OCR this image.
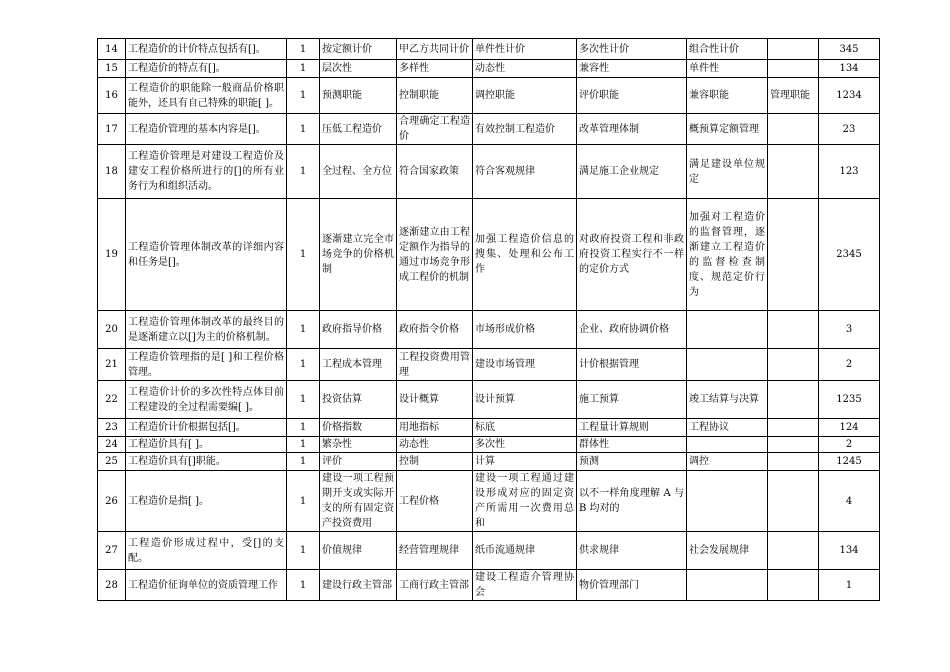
14	工程造价的计价特点包括有[]。	1	按定额计价	甲乙方共同计价	单件性计价	多次性计价	组合性计价		345
15	工程造价的特点有[]。	1	层次性	多样性	动态性	兼容性	单件性		134
16	工程造价的职能除一般商品价格职能外，还具有自己特殊的职能[ ]。	1	预测职能	控制职能	调控职能	评价职能	兼容职能	管理职能	1234
17	工程造价管理的基本内容是[]。	1	压低工程造价	合理确定工程造价	有效控制工程造价	改革管理体制	概预算定额管理		23
18	工程造价管理是对建设工程造价及建安工程价格所进行的[]的所有业务行为和组织活动。	1	全过程、全方位	符合国家政策	符合客观规律	满足施工企业规定	满足建设单位规定		123
19	工程造价管理体制改革的详细内容和任务是[]。	1	逐渐建立完全市场竞争的价格机制	逐渐建立由工程定额作为指导的通过市场竞争形成工程价的机制	加强工程造价信息的搜集、处理和公布工作	对政府投资工程和非政府投资工程实行不一样的定价方式	加强对工程造价的监督管理，逐渐建立工程造价的监督检查制度、规范定价行为		2345
20	工程造价管理体制改革的最终目的是逐渐建立以[]为主的价格机制。	1	政府指导价格	政府指令价格	市场形成价格	企业、政府协调价格			3
21	工程造价管理指的是[ ]和工程价格管理。	1	工程成本管理	工程投资费用管理	建设市场管理	计价根据管理			2
22	工程造价计价的多次性特点体目前工程建设的全过程需要编[ ]。	1	投资估算	设计概算	设计预算	施工预算	竣工结算与决算		1235
23	工程造价计价根据包括[]。	1	价格指数	用地指标	标底	工程量计算规则	工程协议		124
24	工程造价具有[ ]。	1	繁杂性	动态性	多次性	群体性			2
25	工程造价具有[]职能。	1	评价	控制	计算	预测	调控		1245
26	工程造价是指[ ]。	1	建设一项工程预期开支或实际开支的所有固定资产投资费用	工程价格	建设一项工程通过建设形成对应的固定资产所需用一次费用总和	以不一样角度理解 A 与 B 均对的			4
27	工程造价形成过程中，受[]的支配。	1	价值规律	经营管理规律	纸币流通规律	供求规律	社会发展规律		134
28	工程造价征询单位的资质管理工作	1	建设行政主管部	工商行政主管部	建设工程造介管理协会	物价管理部门			1
